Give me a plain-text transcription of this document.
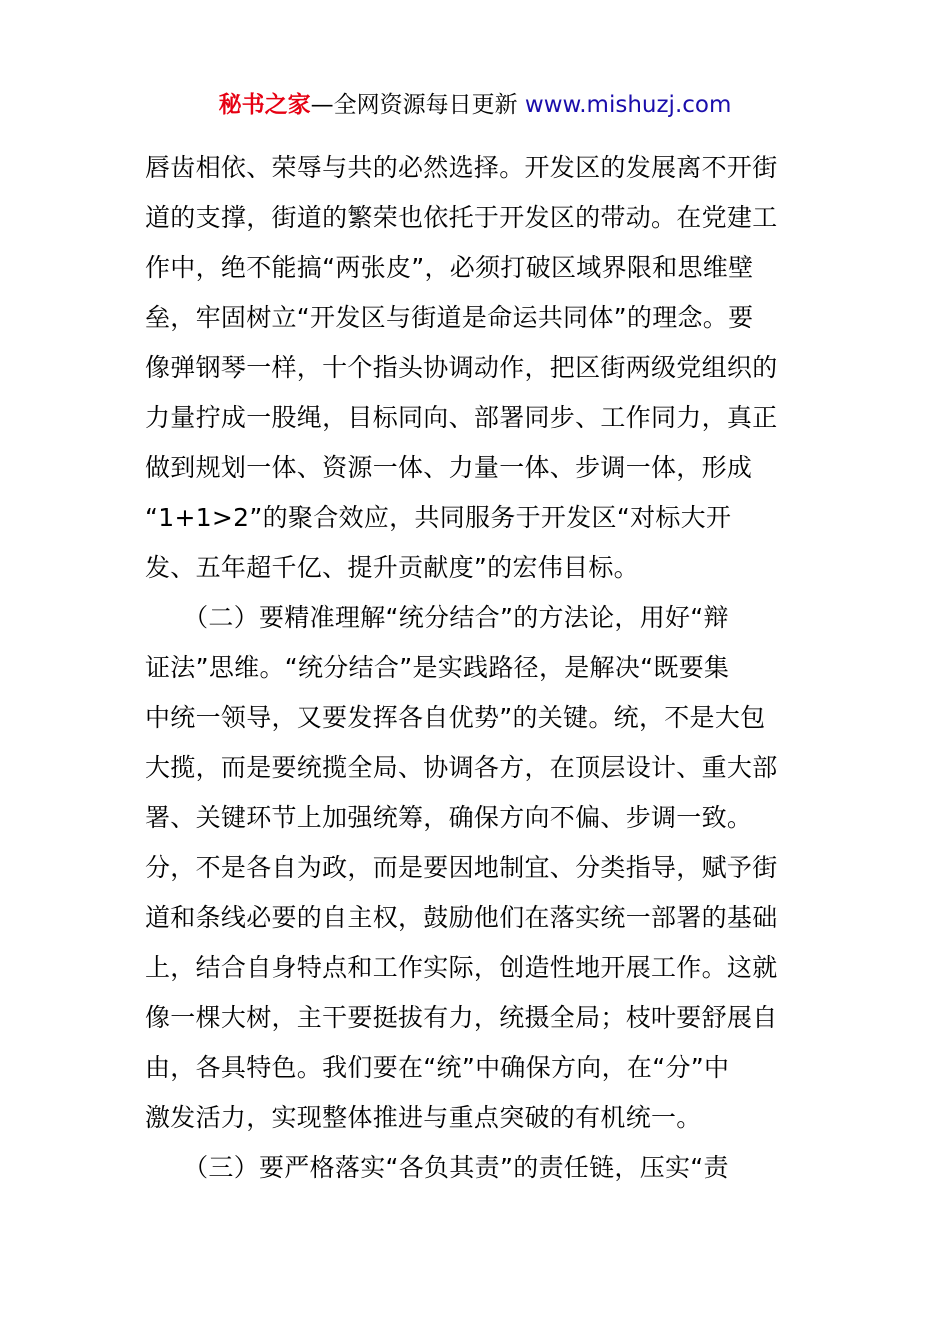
秘书之家—全网资源每日更新 www.mishuzj.com
唇齿相依、荣辱与共的必然选择。开发区的发展离不开街
道的支撑，街道的繁荣也依托于开发区的带动。在党建工
作中，绝不能搞“两张皮”，必须打破区域界限和思维壁
垒，牢固树立“开发区与街道是命运共同体”的理念。要
像弹钢琴一样，十个指头协调动作，把区街两级党组织的
力量拧成一股绳，目标同向、部署同步、工作同力，真正
做到规划一体、资源一体、力量一体、步调一体，形成
“1+1>2”的聚合效应，共同服务于开发区“对标大开
发、五年超千亿、提升贡献度”的宏伟目标。
　　（二）要精准理解“统分结合”的方法论，用好“辩
证法”思维。“统分结合”是实践路径，是解决“既要集
中统一领导，又要发挥各自优势”的关键。统，不是大包
大揽，而是要统揽全局、协调各方，在顶层设计、重大部
署、关键环节上加强统筹，确保方向不偏、步调一致。
分，不是各自为政，而是要因地制宜、分类指导，赋予街
道和条线必要的自主权，鼓励他们在落实统一部署的基础
上，结合自身特点和工作实际，创造性地开展工作。这就
像一棵大树，主干要挺拔有力，统摄全局；枝叶要舒展自
由，各具特色。我们要在“统”中确保方向，在“分”中
激发活力，实现整体推进与重点突破的有机统一。
　　（三）要严格落实“各负其责”的责任链，压实“责
